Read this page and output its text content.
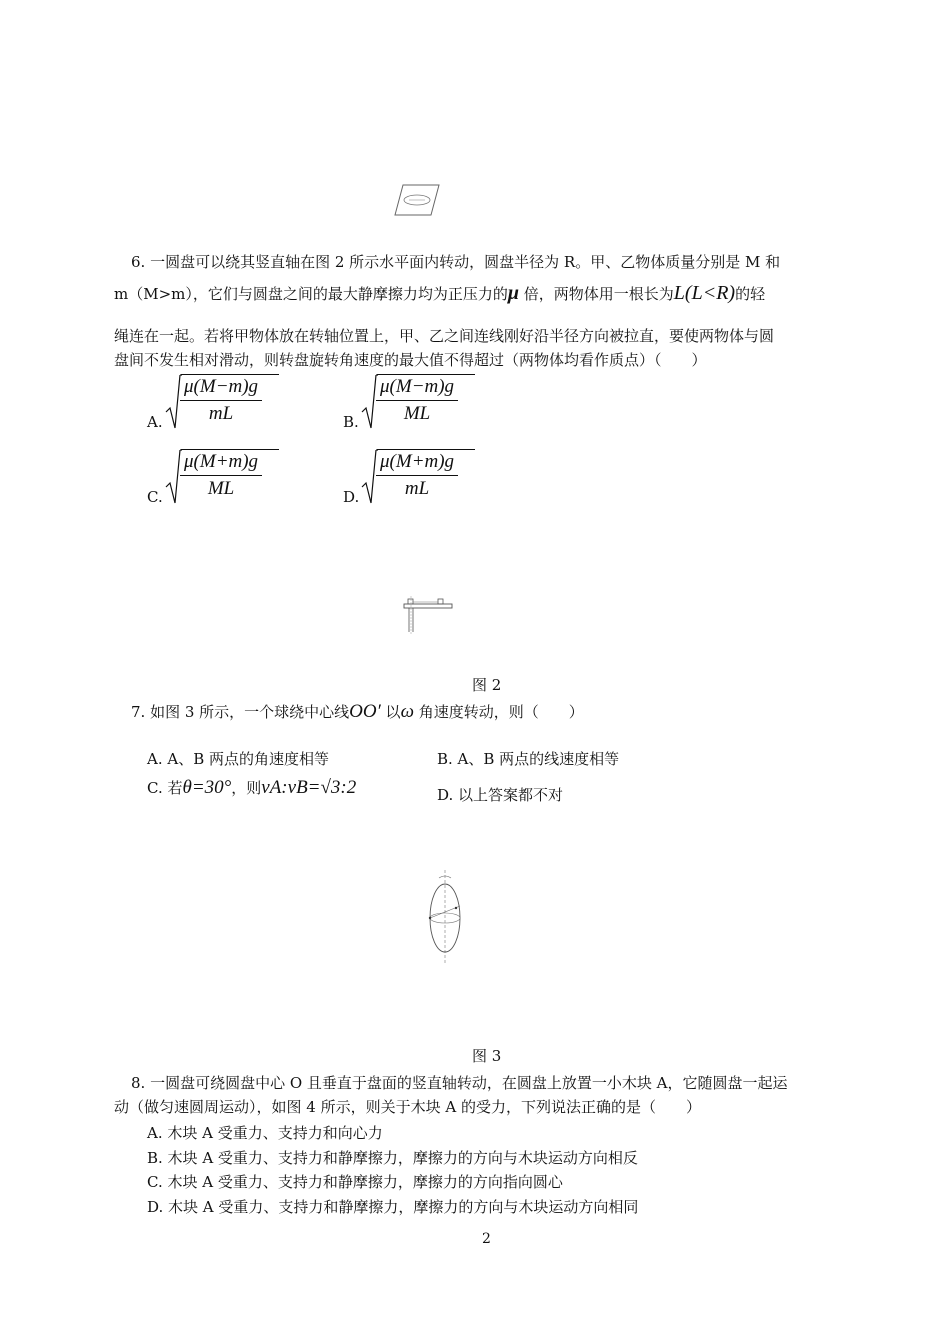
6. 一圆盘可以绕其竖直轴在图 2 所示水平面内转动，圆盘半径为 R。甲、乙物体质量分别是 M 和
m（M>m），它们与圆盘之间的最大静摩擦力均为正压力的μ 倍，两物体用一根长为L(L<R)的轻
绳连在一起。若将甲物体放在转轴位置上，甲、乙之间连线刚好沿半径方向被拉直，要使两物体与圆
盘间不发生相对滑动，则转盘旋转角速度的最大值不得超过（两物体均看作质点）（　　）
A. $\frac{\mu(M-m)g}{mL}$	B. $\frac{\mu(M-m)g}{ML}$
C. $\frac{\mu(M+m)g}{ML}$	D. $\frac{\mu(M+m)g}{mL}$
图 2
7. 如图 3 所示，一个球绕中心线OO′ 以ω 角速度转动，则（　　）
A. A、B 两点的角速度相等	B. A、B 两点的线速度相等
C. 若θ=30°，则vA:vB=√3:2	D. 以上答案都不对
图 3
8. 一圆盘可绕圆盘中心 O 且垂直于盘面的竖直轴转动，在圆盘上放置一小木块 A，它随圆盘一起运
动（做匀速圆周运动），如图 4 所示，则关于木块 A 的受力，下列说法正确的是（　　）
A. 木块 A 受重力、支持力和向心力
B. 木块 A 受重力、支持力和静摩擦力，摩擦力的方向与木块运动方向相反
C. 木块 A 受重力、支持力和静摩擦力，摩擦力的方向指向圆心
D. 木块 A 受重力、支持力和静摩擦力，摩擦力的方向与木块运动方向相同
2
